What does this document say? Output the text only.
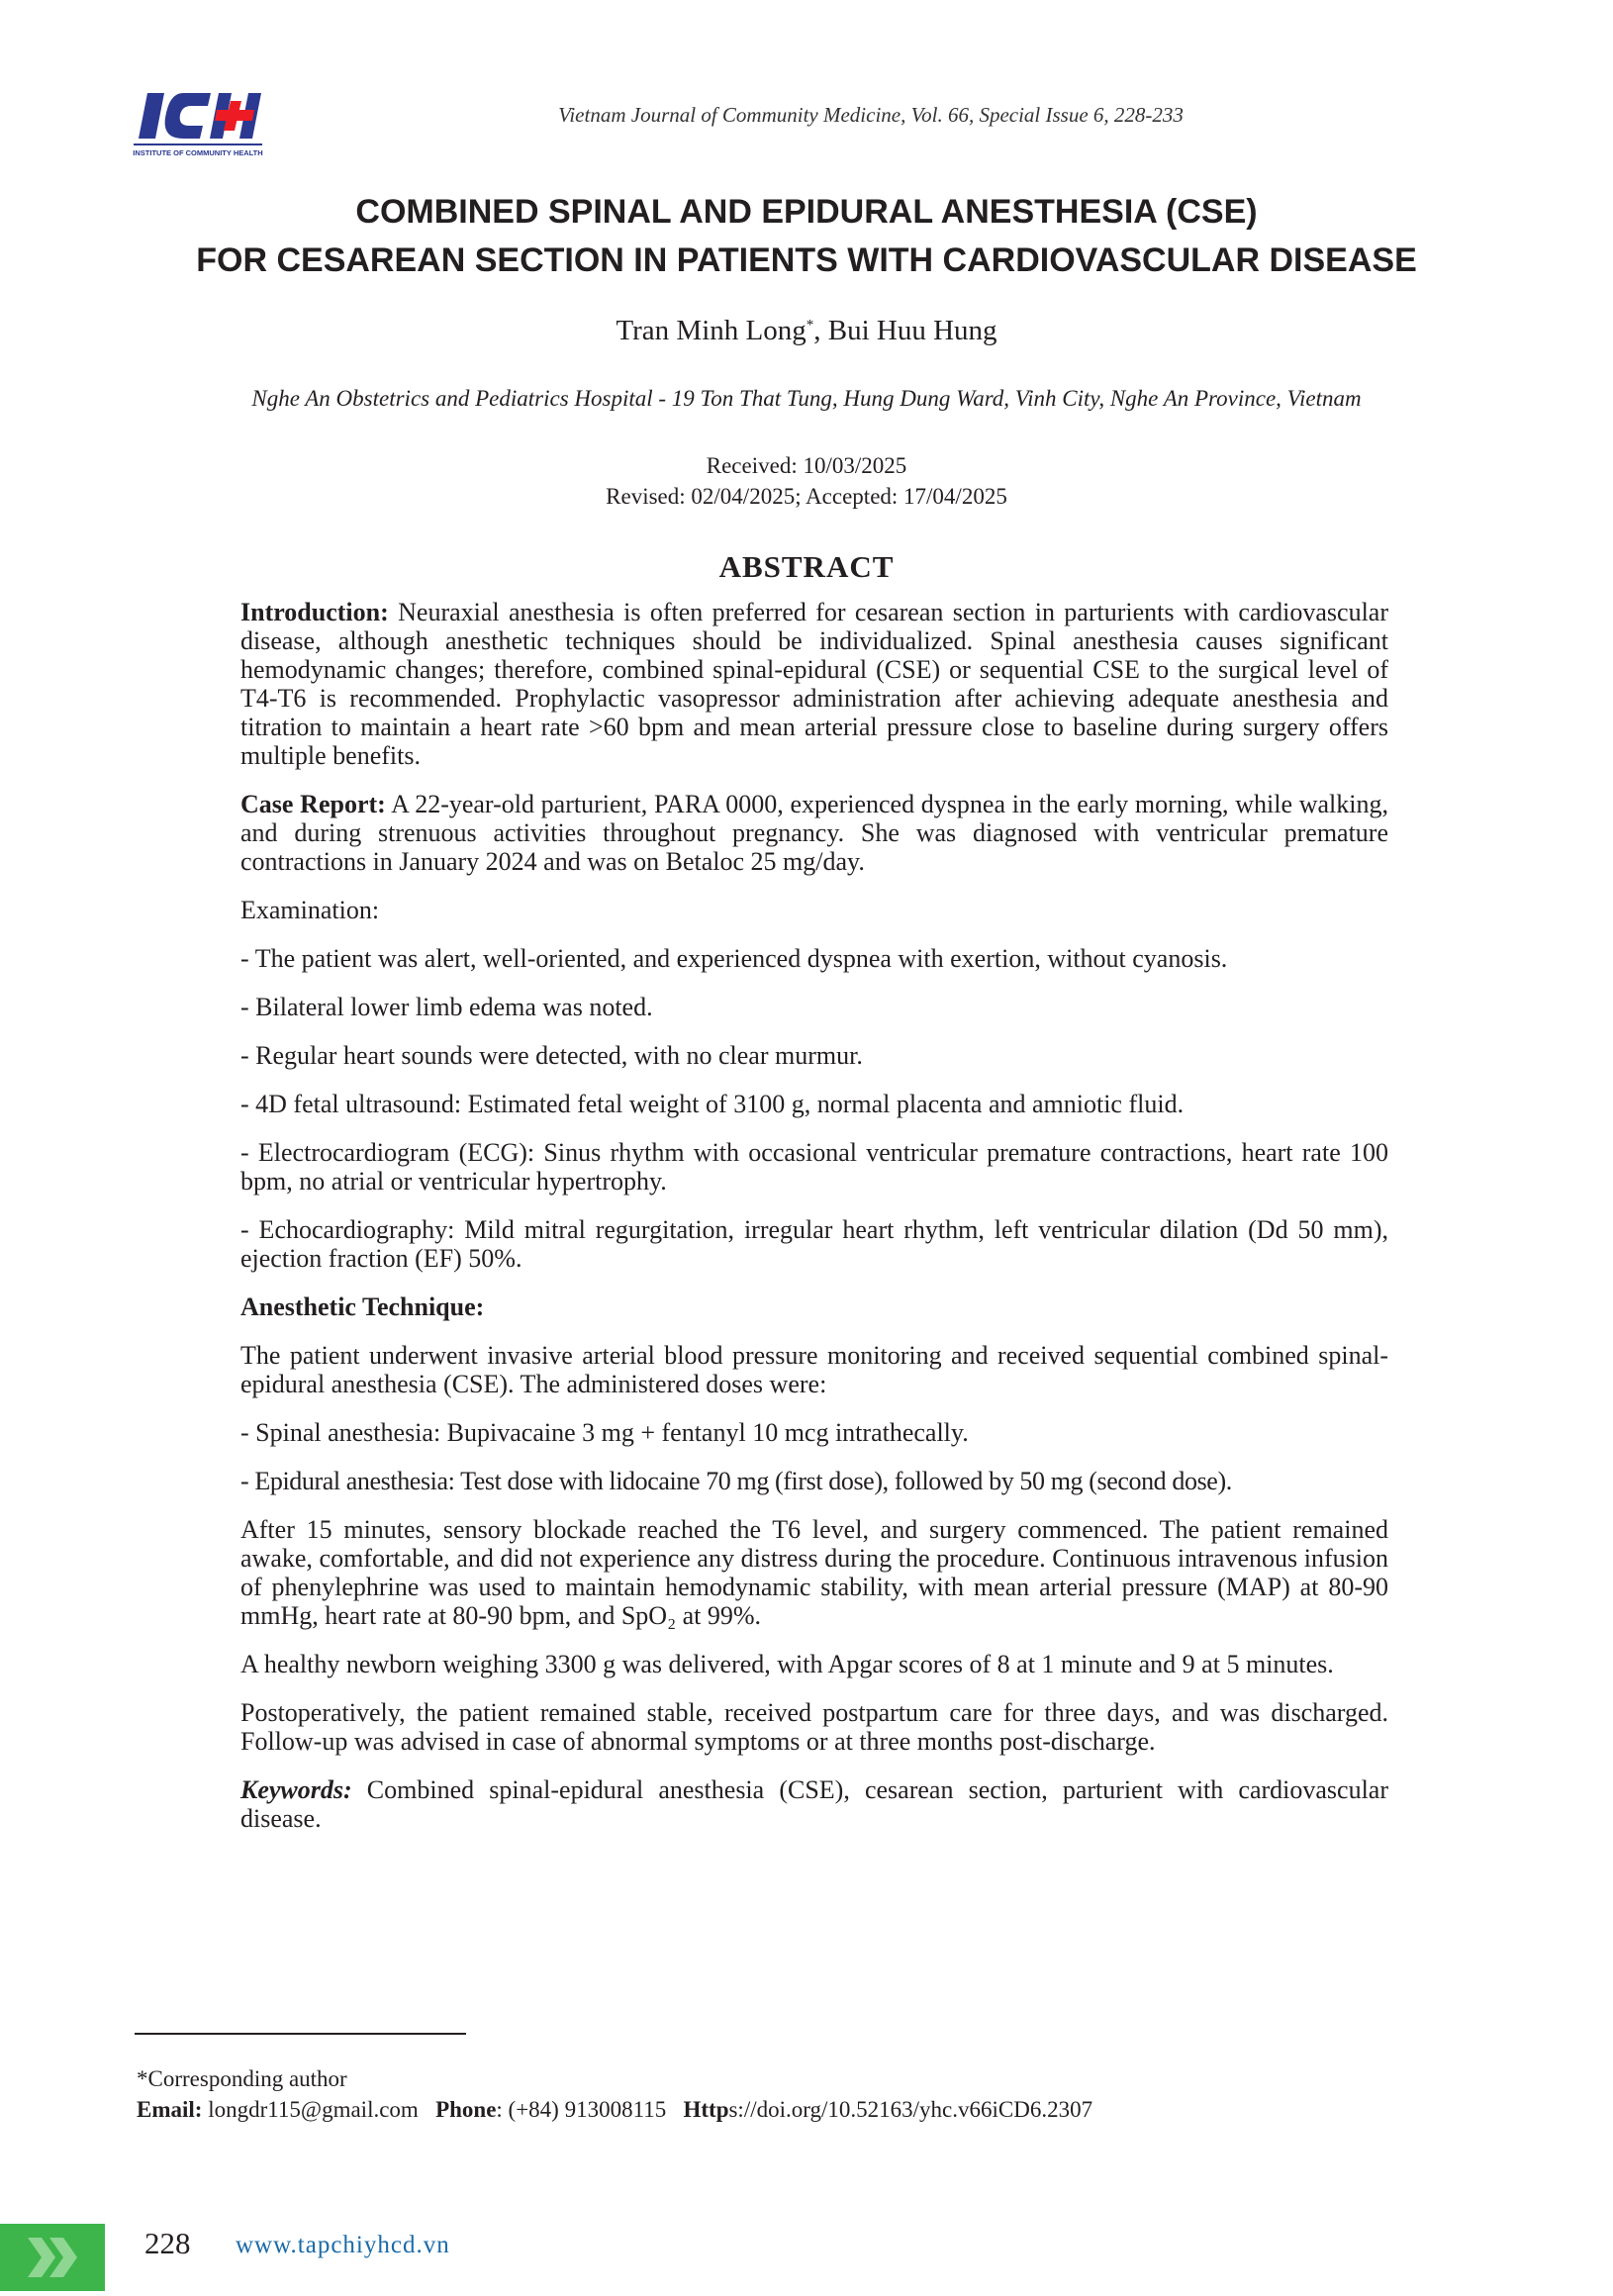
INSTITUTE OF COMMUNITY HEALTH
Vietnam Journal of Community Medicine, Vol. 66, Special Issue 6, 228-233
COMBINED SPINAL AND EPIDURAL ANESTHESIA (CSE)
FOR CESAREAN SECTION IN PATIENTS WITH CARDIOVASCULAR DISEASE
Tran Minh Long*, Bui Huu Hung
Nghe An Obstetrics and Pediatrics Hospital - 19 Ton That Tung, Hung Dung Ward, Vinh City, Nghe An Province, Vietnam
Received: 10/03/2025
Revised: 02/04/2025; Accepted: 17/04/2025
ABSTRACT

Introduction: Neuraxial anesthesia is often preferred for cesarean section in parturients with cardiovascular disease, although anesthetic techniques should be individualized. Spinal anesthesia causes significant hemodynamic changes; therefore, combined spinal-epidural (CSE) or sequential CSE to the surgical level of T4-T6 is recommended. Prophylactic vasopressor administration after achieving adequate anesthesia and titration to maintain a heart rate >60 bpm and mean arterial pressure close to baseline during surgery offers multiple benefits.

Case Report: A 22-year-old parturient, PARA 0000, experienced dyspnea in the early morning, while walking, and during strenuous activities throughout pregnancy. She was diagnosed with ventricular premature contractions in January 2024 and was on Betaloc 25 mg/day.

Examination:

- The patient was alert, well-oriented, and experienced dyspnea with exertion, without cyanosis.

- Bilateral lower limb edema was noted.

- Regular heart sounds were detected, with no clear murmur.

- 4D fetal ultrasound: Estimated fetal weight of 3100 g, normal placenta and amniotic fluid.

- Electrocardiogram (ECG): Sinus rhythm with occasional ventricular premature contractions, heart rate 100 bpm, no atrial or ventricular hypertrophy.

- Echocardiography: Mild mitral regurgitation, irregular heart rhythm, left ventricular dilation (Dd 50 mm), ejection fraction (EF) 50%.

Anesthetic Technique:

The patient underwent invasive arterial blood pressure monitoring and received sequential combined spinal-epidural anesthesia (CSE). The administered doses were:

- Spinal anesthesia: Bupivacaine 3 mg + fentanyl 10 mcg intrathecally.

- Epidural anesthesia: Test dose with lidocaine 70 mg (first dose), followed by 50 mg (second dose).

After 15 minutes, sensory blockade reached the T6 level, and surgery commenced. The patient remained awake, comfortable, and did not experience any distress during the procedure. Continuous intravenous infusion of phenylephrine was used to maintain hemodynamic stability, with mean arterial pressure (MAP) at 80-90 mmHg, heart rate at 80-90 bpm, and SpO₂ at 99%.

A healthy newborn weighing 3300 g was delivered, with Apgar scores of 8 at 1 minute and 9 at 5 minutes.

Postoperatively, the patient remained stable, received postpartum care for three days, and was discharged. Follow-up was advised in case of abnormal symptoms or at three months post-discharge.

Keywords: Combined spinal-epidural anesthesia (CSE), cesarean section, parturient with cardiovascular disease.

*Corresponding author

Email: longdr115@gmail.com Phone: (+84) 913008115 Https://doi.org/10.52163/yhc.v66iCD6.2307

228 www.tapchiyhcd.vn
